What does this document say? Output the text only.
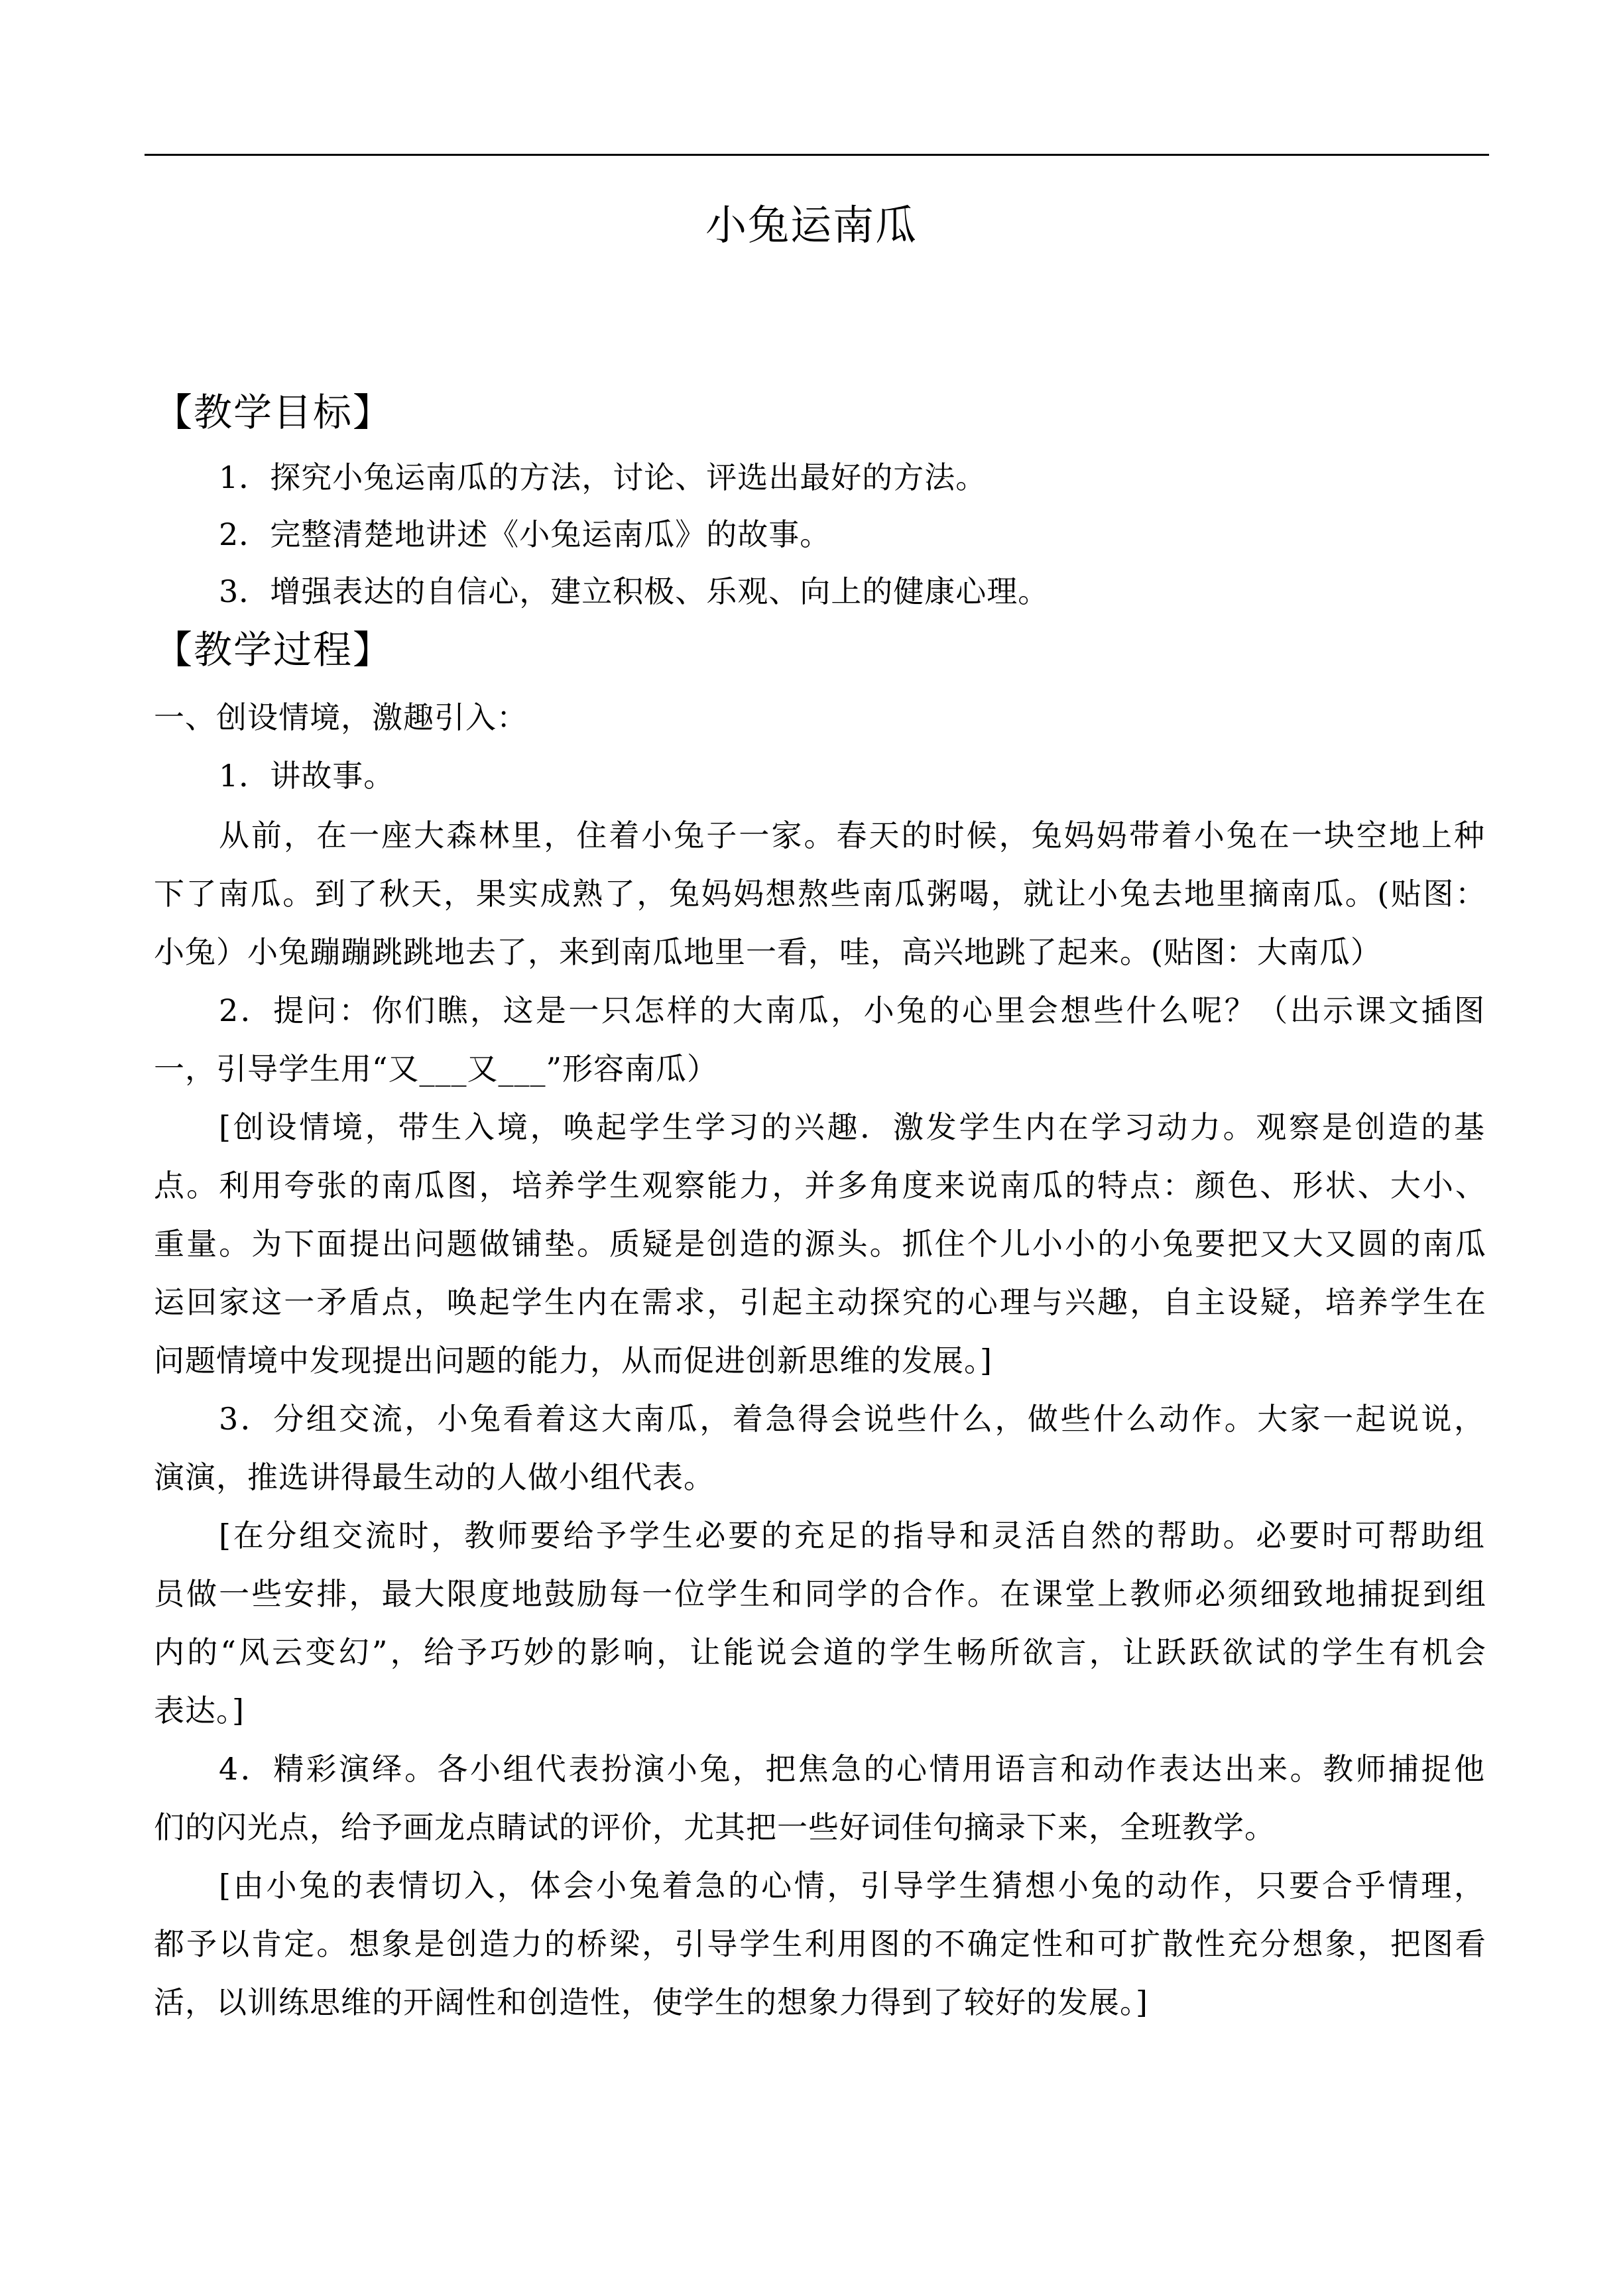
小兔运南瓜
【教学目标】
1．探究小兔运南瓜的方法，讨论、评选出最好的方法。
2．完整清楚地讲述《小兔运南瓜》的故事。
3．增强表达的自信心，建立积极、乐观、向上的健康心理。
【教学过程】
一、创设情境，激趣引入：
1．讲故事。
从前，在一座大森林里，住着小兔子一家。春天的时候，兔妈妈带着小兔在一块空地上种
下了南瓜。到了秋天，果实成熟了，兔妈妈想熬些南瓜粥喝，就让小兔去地里摘南瓜。(贴图：
小兔）小兔蹦蹦跳跳地去了，来到南瓜地里一看，哇，高兴地跳了起来。(贴图：大南瓜）
2．提问：你们瞧，这是一只怎样的大南瓜，小兔的心里会想些什么呢？（出示课文插图
一，引导学生用“又___又___”形容南瓜）
[创设情境，带生入境，唤起学生学习的兴趣．激发学生内在学习动力。观察是创造的基
点。利用夸张的南瓜图，培养学生观察能力，并多角度来说南瓜的特点：颜色、形状、大小、
重量。为下面提出问题做铺垫。质疑是创造的源头。抓住个儿小小的小兔要把又大又圆的南瓜
运回家这一矛盾点，唤起学生内在需求，引起主动探究的心理与兴趣，自主设疑，培养学生在
问题情境中发现提出问题的能力，从而促进创新思维的发展。]
3．分组交流，小兔看着这大南瓜，着急得会说些什么，做些什么动作。大家一起说说，
演演，推选讲得最生动的人做小组代表。
[在分组交流时，教师要给予学生必要的充足的指导和灵活自然的帮助。必要时可帮助组
员做一些安排，最大限度地鼓励每一位学生和同学的合作。在课堂上教师必须细致地捕捉到组
内的“风云变幻”，给予巧妙的影响，让能说会道的学生畅所欲言，让跃跃欲试的学生有机会
表达。]
4．精彩演绎。各小组代表扮演小兔，把焦急的心情用语言和动作表达出来。教师捕捉他
们的闪光点，给予画龙点睛试的评价，尤其把一些好词佳句摘录下来，全班教学。
[由小兔的表情切入，体会小兔着急的心情，引导学生猜想小兔的动作，只要合乎情理，
都予以肯定。想象是创造力的桥梁，引导学生利用图的不确定性和可扩散性充分想象，把图看
活，以训练思维的开阔性和创造性，使学生的想象力得到了较好的发展。]
